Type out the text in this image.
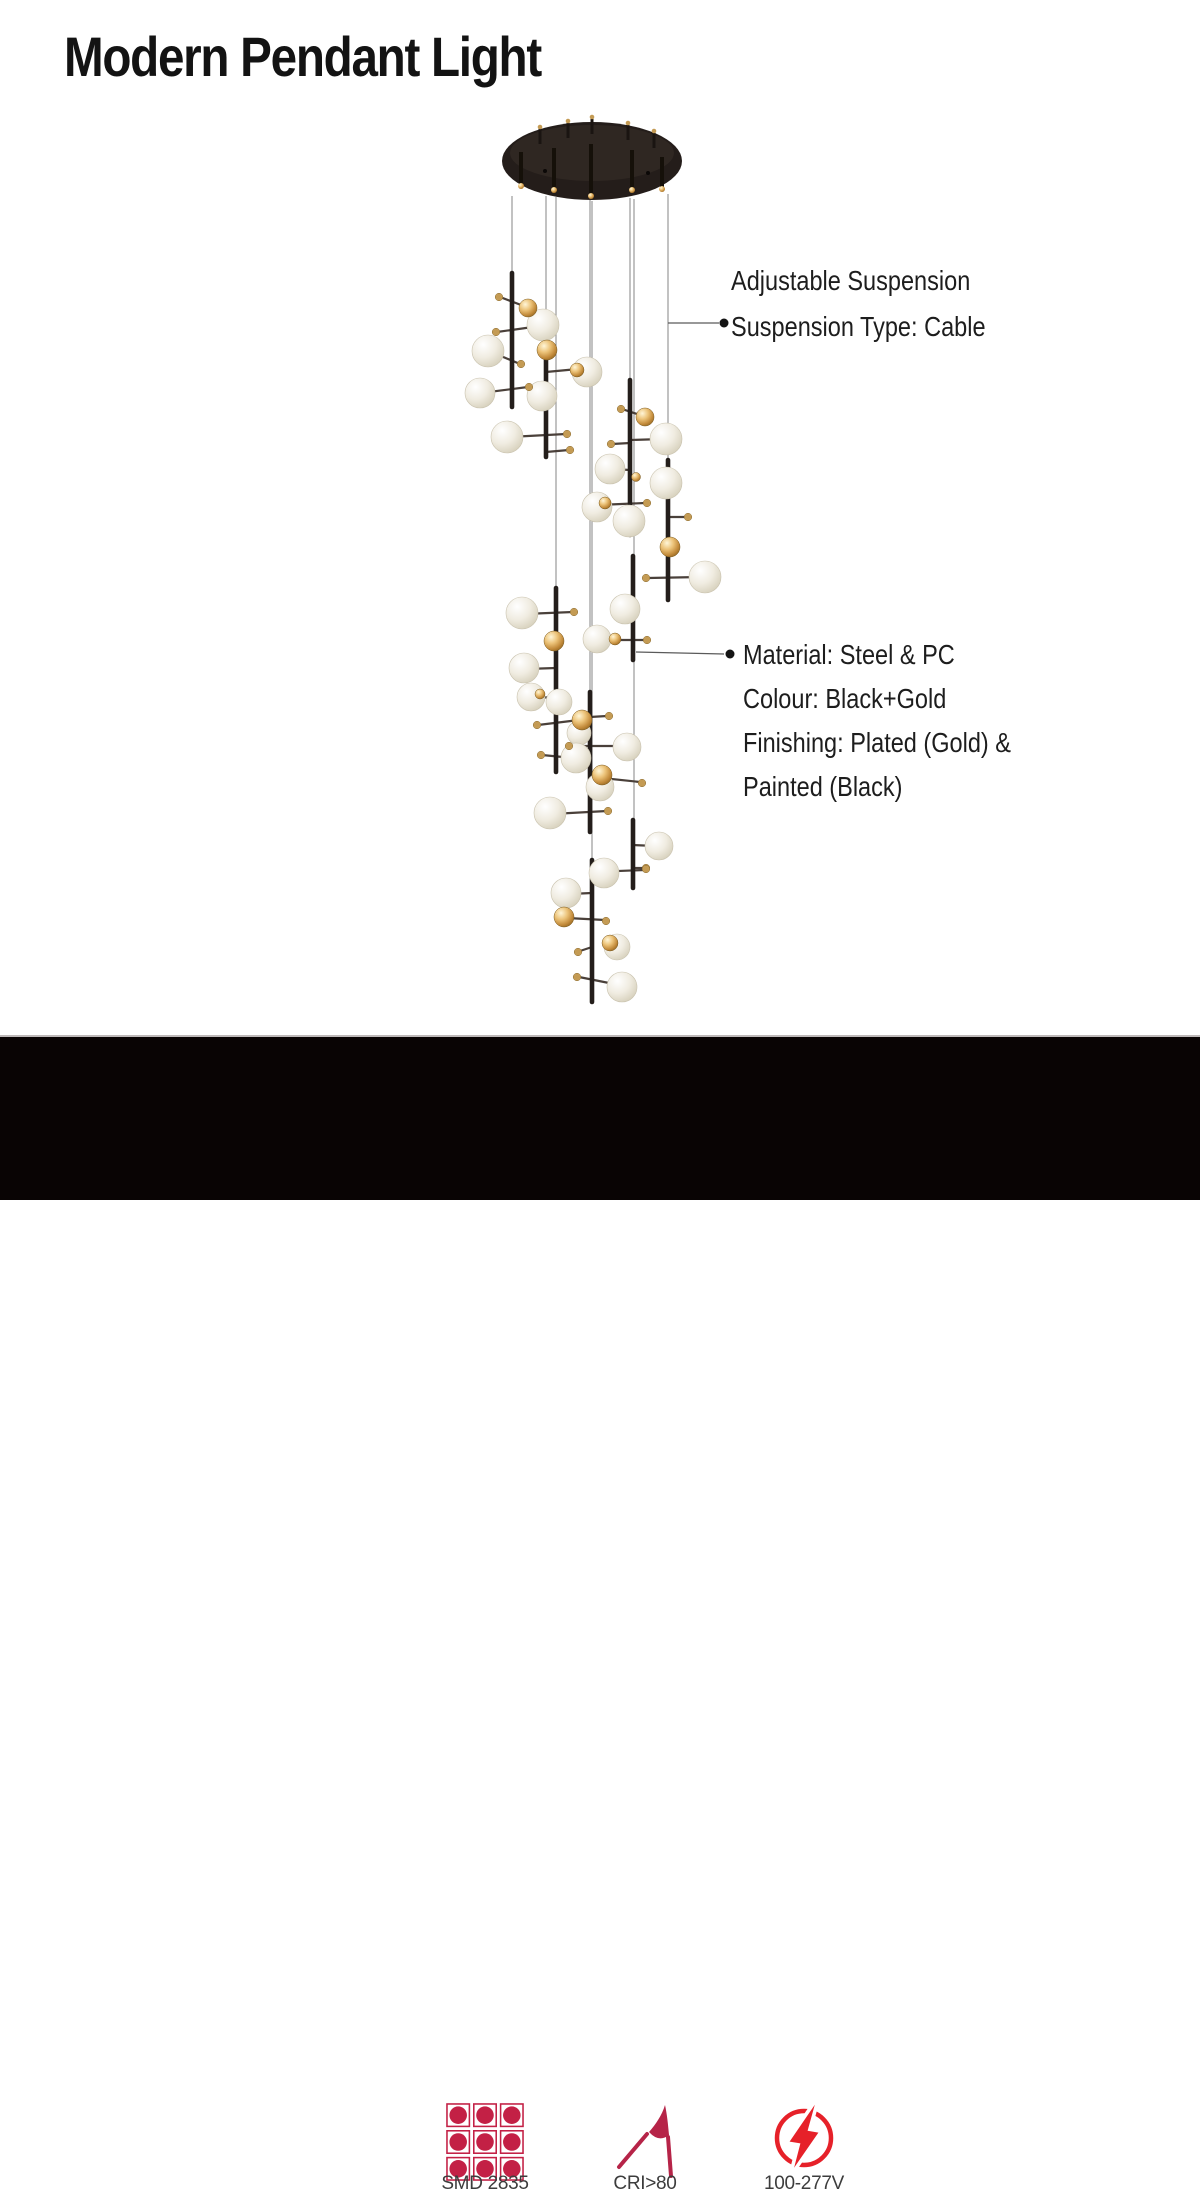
Modern Pendant Light
Adjustable Suspension
Suspension Type: Cable
Material: Steel & PC
Colour: Black+Gold
Finishing: Plated (Gold) &
Painted (Black)
SMD 2835	CRI>80	100-277V
